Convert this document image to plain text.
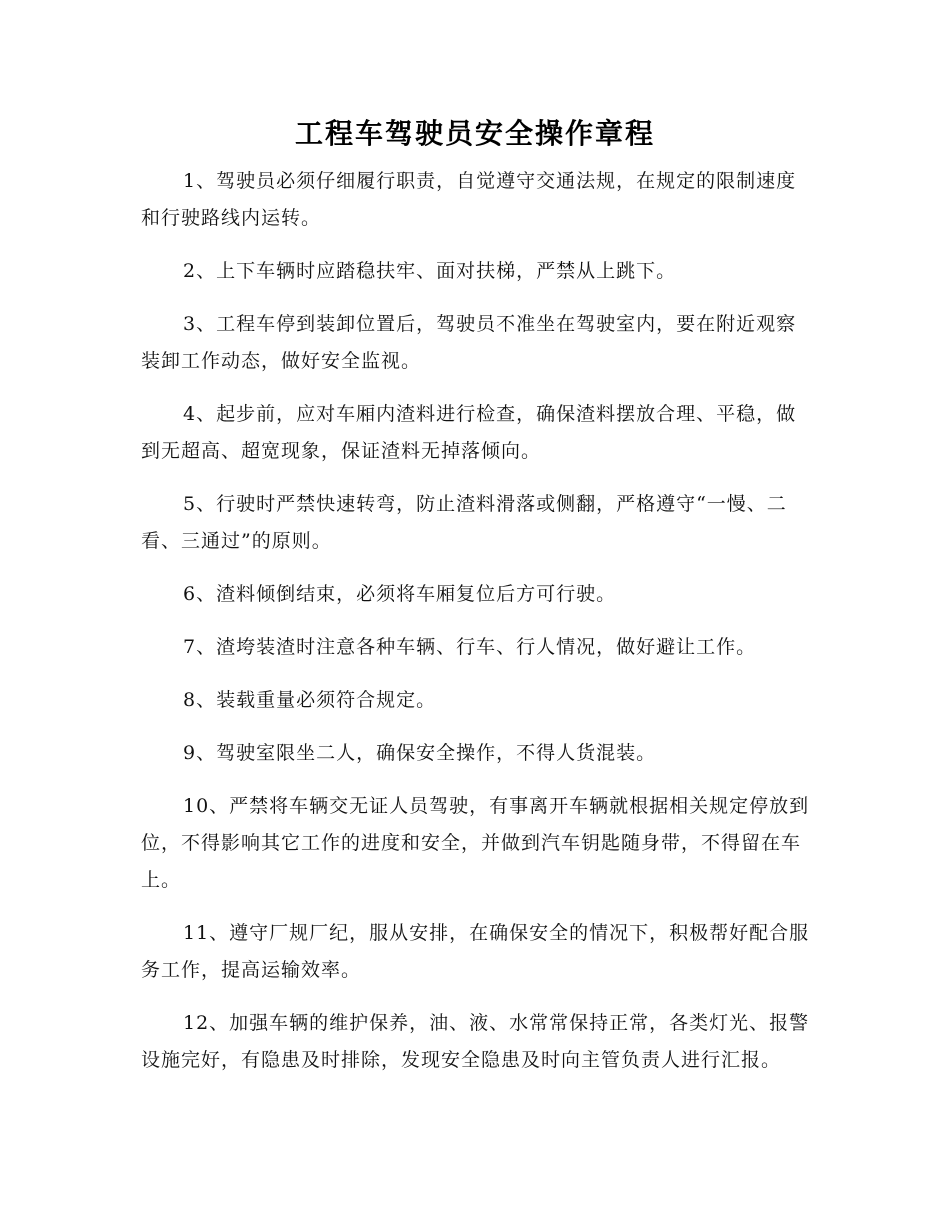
工程车驾驶员安全操作章程

1、驾驶员必须仔细履行职责，自觉遵守交通法规，在规定的限制速度和行驶路线内运转。

2、上下车辆时应踏稳扶牢、面对扶梯，严禁从上跳下。

3、工程车停到装卸位置后，驾驶员不准坐在驾驶室内，要在附近观察装卸工作动态，做好安全监视。

4、起步前，应对车厢内渣料进行检查，确保渣料摆放合理、平稳，做到无超高、超宽现象，保证渣料无掉落倾向。

5、行驶时严禁快速转弯，防止渣料滑落或侧翻，严格遵守“一慢、二看、三通过”的原则。

6、渣料倾倒结束，必须将车厢复位后方可行驶。

7、渣垮装渣时注意各种车辆、行车、行人情况，做好避让工作。

8、装载重量必须符合规定。

9、驾驶室限坐二人，确保安全操作，不得人货混装。

10、严禁将车辆交无证人员驾驶，有事离开车辆就根据相关规定停放到位，不得影响其它工作的进度和安全，并做到汽车钥匙随身带，不得留在车上。

11、遵守厂规厂纪，服从安排，在确保安全的情况下，积极帮好配合服务工作，提高运输效率。

12、加强车辆的维护保养，油、液、水常常保持正常，各类灯光、报警设施完好，有隐患及时排除，发现安全隐患及时向主管负责人进行汇报。
